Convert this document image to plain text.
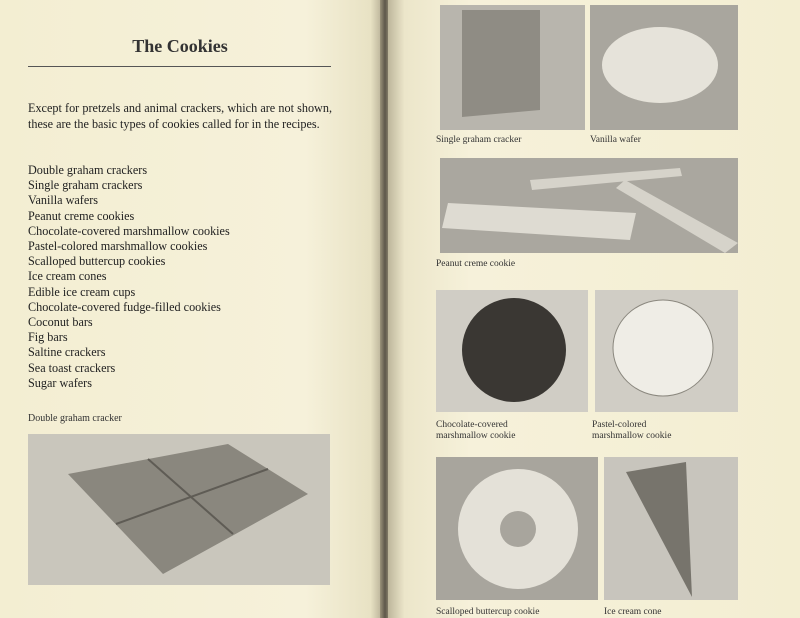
The Cookies
Except for pretzels and animal crackers, which are not shown, these are the basic types of cookies called for in the recipes.
Double graham crackers
Single graham crackers
Vanilla wafers
Peanut creme cookies
Chocolate-covered marshmallow cookies
Pastel-colored marshmallow cookies
Scalloped buttercup cookies
Ice cream cones
Edible ice cream cups
Chocolate-covered fudge-filled cookies
Coconut bars
Fig bars
Saltine crackers
Sea toast crackers
Sugar wafers
Double graham cracker
Single graham cracker	Vanilla wafer
Peanut creme cookie
Chocolate-covered
marshmallow cookie
Pastel-colored
marshmallow cookie
Scalloped buttercup cookie	Ice cream cone
